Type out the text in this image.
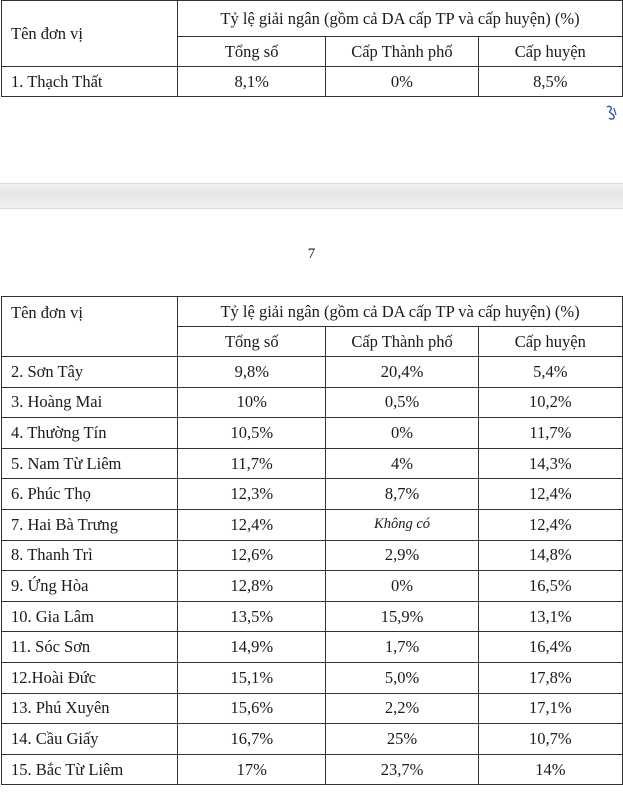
Tên đơn vị	Tỷ lệ giải ngân (gồm cả DA cấp TP và cấp huyện) (%)		
	Tổng số	Cấp Thành phố	Cấp huyện
1. Thạch Thất	8,1%	0%	8,5%
7
Tên đơn vị	Tỷ lệ giải ngân (gồm cả DA cấp TP và cấp huyện) (%)		
	Tổng số	Cấp Thành phố	Cấp huyện
2. Sơn Tây	9,8%	20,4%	5,4%
3. Hoàng Mai	10%	0,5%	10,2%
4. Thường Tín	10,5%	0%	11,7%
5. Nam Từ Liêm	11,7%	4%	14,3%
6. Phúc Thọ	12,3%	8,7%	12,4%
7. Hai Bà Trưng	12,4%	Không có	12,4%
8. Thanh Trì	12,6%	2,9%	14,8%
9. Ứng Hòa	12,8%	0%	16,5%
10. Gia Lâm	13,5%	15,9%	13,1%
11. Sóc Sơn	14,9%	1,7%	16,4%
12.Hoài Đức	15,1%	5,0%	17,8%
13. Phú Xuyên	15,6%	2,2%	17,1%
14. Cầu Giấy	16,7%	25%	10,7%
15. Bắc Từ Liêm	17%	23,7%	14%
